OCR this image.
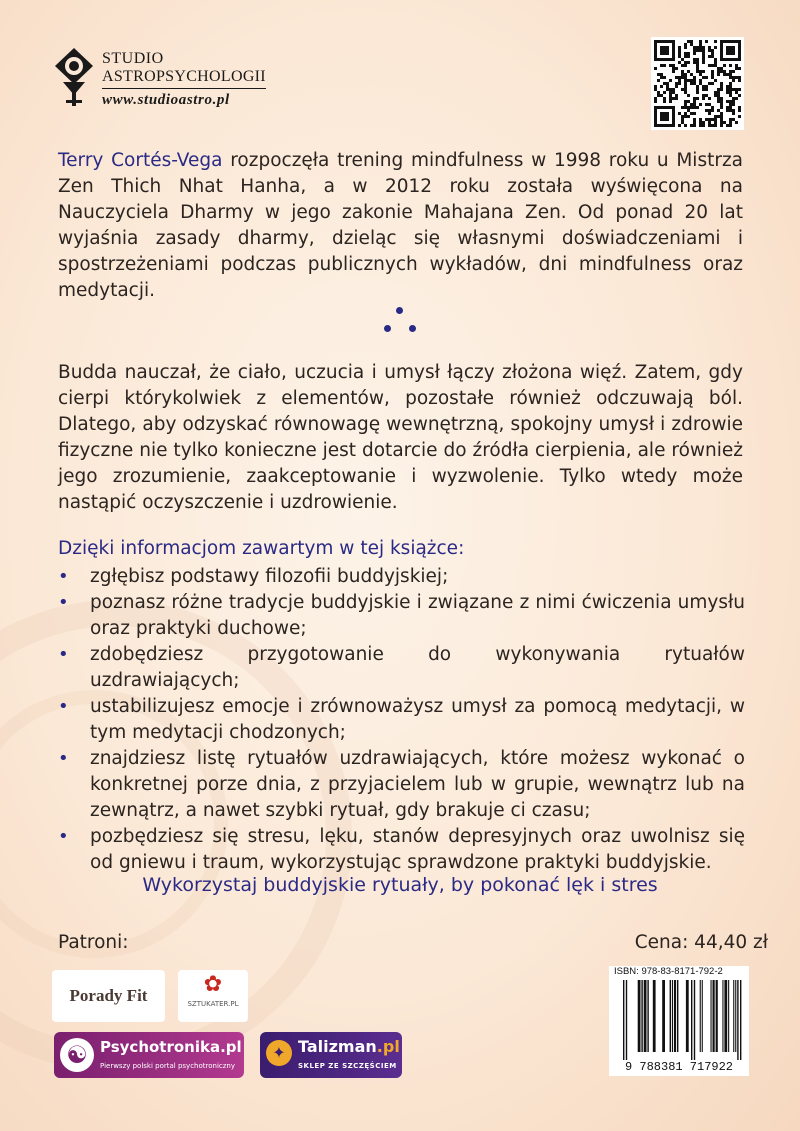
STUDIO
ASTROPSYCHOLOGII
www.studioastro.pl

Terry Cortés-Vega rozpoczęła trening mindfulness w 1998 roku u Mistrza Zen Thich Nhat Hanha, a w 2012 roku została wyświęcona na Nauczyciela Dharmy w jego zakonie Mahajana Zen. Od ponad 20 lat wyjaśnia zasady dharmy, dzieląc się własnymi doświadczeniami i spostrzeżeniami podczas publicznych wykładów, dni mindfulness oraz medytacji.

Budda nauczał, że ciało, uczucia i umysł łączy złożona więź. Zatem, gdy cierpi którykolwiek z elementów, pozostałe również odczuwają ból. Dlatego, aby odzyskać równowagę wewnętrzną, spokojny umysł i zdrowie fizyczne nie tylko konieczne jest dotarcie do źródła cierpienia, ale również jego zrozumienie, zaakceptowanie i wyzwolenie. Tylko wtedy może nastąpić oczyszczenie i uzdrowienie.

Dzięki informacjom zawartym w tej książce:
• zgłębisz podstawy filozofii buddyjskiej;
• poznasz różne tradycje buddyjskie i związane z nimi ćwiczenia umysłu oraz praktyki duchowe;
• zdobędziesz przygotowanie do wykonywania rytuałów uzdrawiających;
• ustabilizujesz emocje i zrównoważysz umysł za pomocą medytacji, w tym medytacji chodzonych;
• znajdziesz listę rytuałów uzdrawiających, które możesz wykonać o konkretnej porze dnia, z przyjacielem lub w grupie, wewnątrz lub na zewnątrz, a nawet szybki rytuał, gdy brakuje ci czasu;
• pozbędziesz się stresu, lęku, stanów depresyjnych oraz uwolnisz się od gniewu i traum, wykorzystując sprawdzone praktyki buddyjskie.
Wykorzystaj buddyjskie rytuały, by pokonać lęk i stres
Patroni:	Cena: 44,40 zł
Porady Fit	✿
SZTUKATER.PL
☯ Psychotronika.pl
Pierwszy polski portal psychotroniczny
✦ Talizman.pl
SKLEP ZE SZCZĘŚCIEM	9 788381 717922
ISBN: 978-83-8171-792-2
